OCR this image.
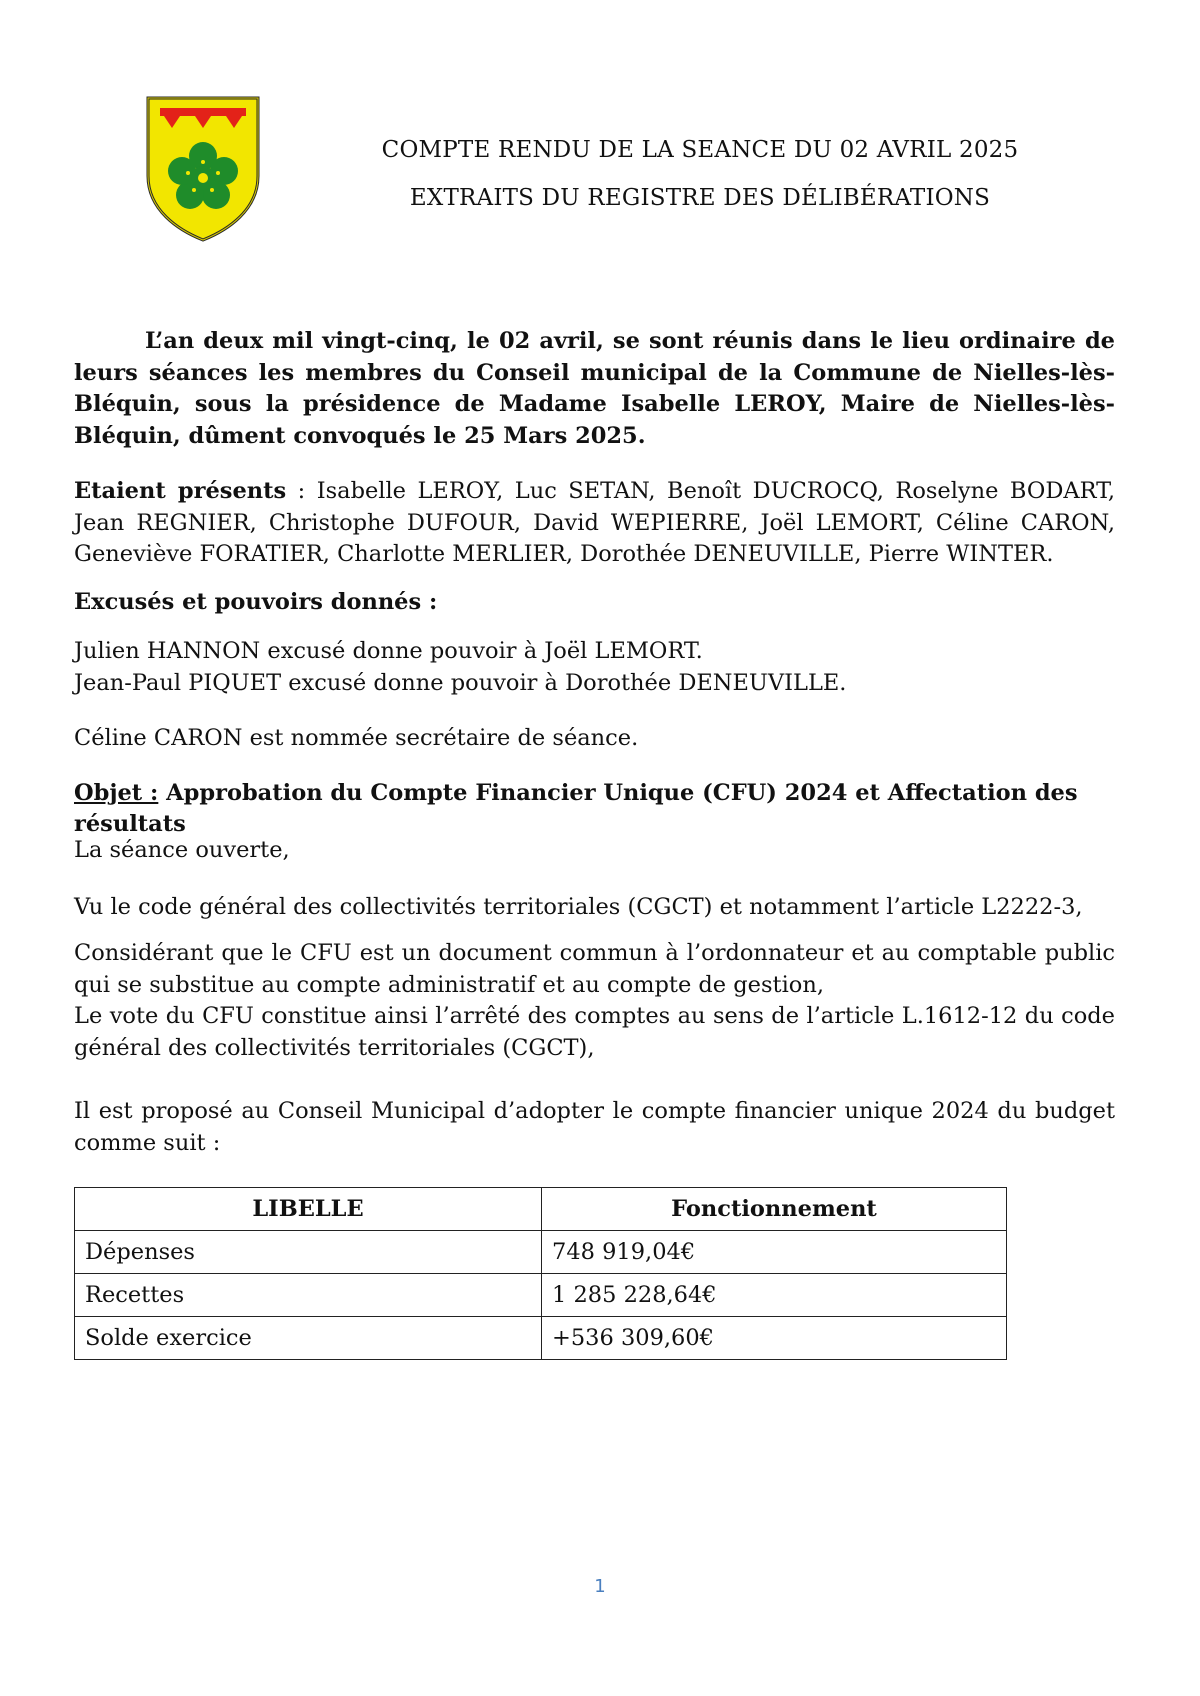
COMPTE RENDU DE LA SEANCE DU 02 AVRIL 2025
EXTRAITS DU REGISTRE DES DÉLIBÉRATIONS
L’an deux mil vingt-cinq, le 02 avril, se sont réunis dans le lieu ordinaire de leurs séances les membres du Conseil municipal de la Commune de Nielles-lès-Bléquin, sous la présidence de Madame Isabelle LEROY, Maire de Nielles-lès-Bléquin, dûment convoqués le 25 Mars 2025.
Etaient présents : Isabelle LEROY, Luc SETAN, Benoît DUCROCQ, Roselyne BODART, Jean REGNIER, Christophe DUFOUR, David WEPIERRE, Joël LEMORT, Céline CARON, Geneviève FORATIER, Charlotte MERLIER, Dorothée DENEUVILLE, Pierre WINTER.
Excusés et pouvoirs donnés :
Julien HANNON excusé donne pouvoir à Joël LEMORT.
Jean-Paul PIQUET excusé donne pouvoir à Dorothée DENEUVILLE.
Céline CARON est nommée secrétaire de séance.
Objet : Approbation du Compte Financier Unique (CFU) 2024 et Affectation des résultats
La séance ouverte,
Vu le code général des collectivités territoriales (CGCT) et notamment l’article L2222-3,
Considérant que le CFU est un document commun à l’ordonnateur et au comptable public qui se substitue au compte administratif et au compte de gestion,
Le vote du CFU constitue ainsi l’arrêté des comptes au sens de l’article L.1612-12 du code général des collectivités territoriales (CGCT),
Il est proposé au Conseil Municipal d’adopter le compte financier unique 2024 du budget comme suit :
LIBELLE	Fonctionnement
Dépenses	748 919,04€
Recettes	1 285 228,64€
Solde exercice	+536 309,60€
1
